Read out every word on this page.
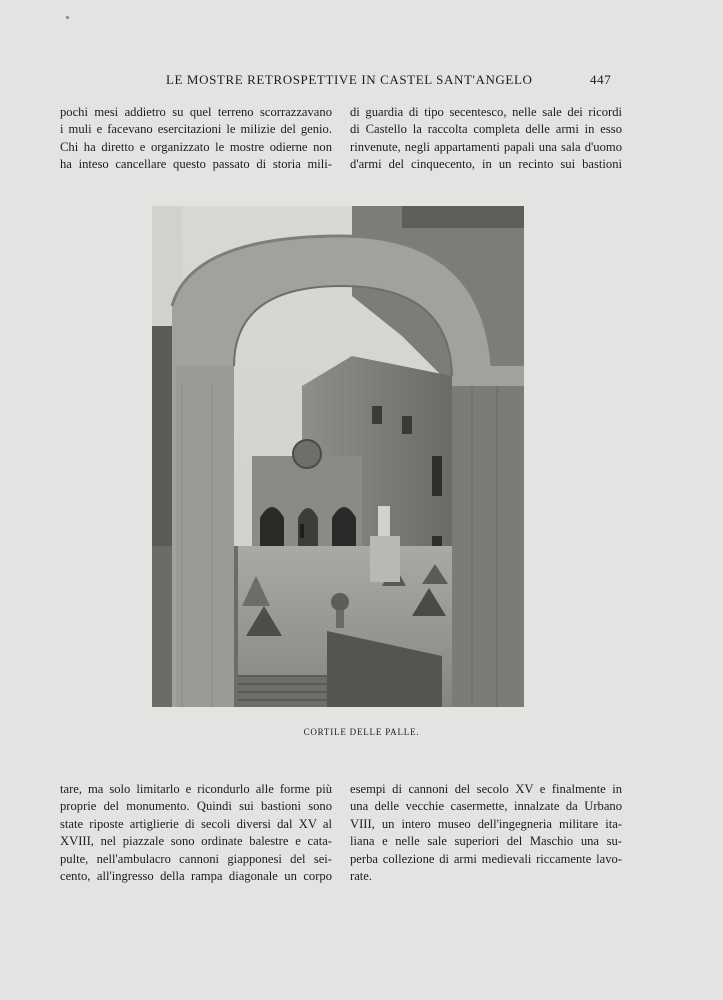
LE MOSTRE RETROSPETTIVE IN CASTEL SANT'ANGELO	447
pochi mesi addietro su quel terreno scorrazzavano
i muli e facevano esercitazioni le milizie del genio.
Chi ha diretto e organizzato le mostre odierne non
ha inteso cancellare questo passato di storia mili-
di guardia di tipo secentesco, nelle sale dei ricordi
di Castello la raccolta completa delle armi in esso
rinvenute, negli appartamenti papali una sala d'uomo
d'armi del cinquecento, in un recinto sui bastioni
CORTILE DELLE PALLE.
tare, ma solo limitarlo e ricondurlo alle forme più
proprie del monumento. Quindi sui bastioni sono
state riposte artiglierie di secoli diversi dal XV al
XVIII, nel piazzale sono ordinate balestre e cata-
pulte, nell'ambulacro cannoni giapponesi del sei-
cento, all'ingresso della rampa diagonale un corpo
esempi di cannoni del secolo XV e finalmente in
una delle vecchie casermette, innalzate da Urbano
VIII, un intero museo dell'ingegneria militare ita-
liana e nelle sale superiori del Maschio una su-
perba collezione di armi medievali riccamente lavo-
rate.
